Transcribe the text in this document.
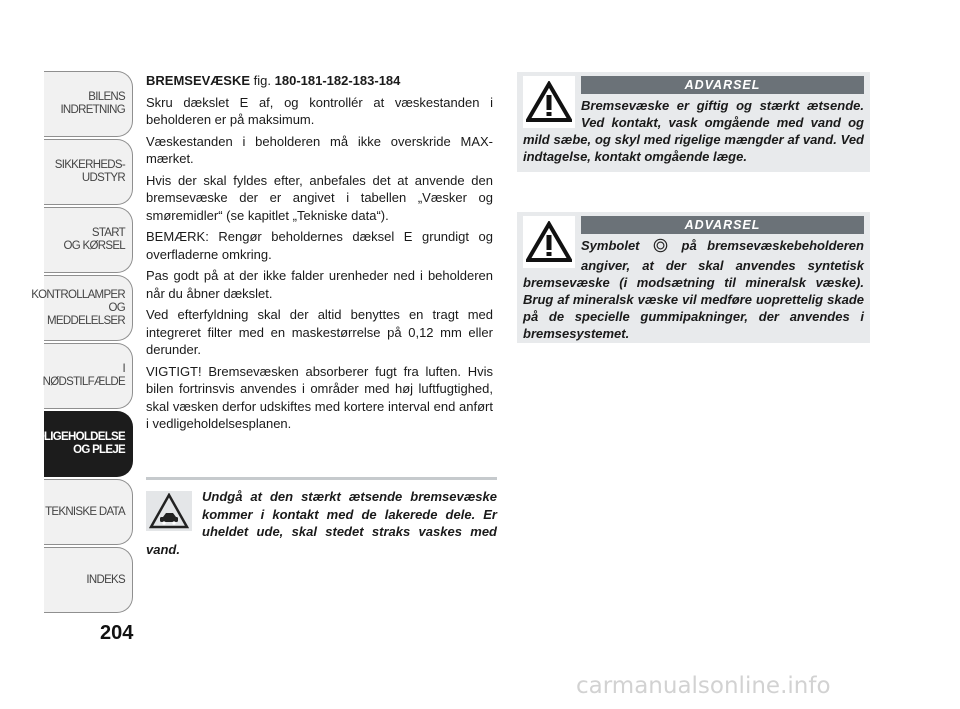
BILENS
INDRETNING
SIKKERHEDS-
UDSTYR
START
OG KØRSEL
KONTROLLAMPER
OG MEDDELELSER
I NØDSTILFÆLDE
VEDLIGEHOLDELSE
OG PLEJE
TEKNISKE DATA
INDEKS
204

BREMSEVÆSKE fig. 180-181-182-183-184

Skru dækslet E af, og kontrollér at væskestanden i beholderen er på maksimum.

Væskestanden i beholderen må ikke overskride MAX-mærket.

Hvis der skal fyldes efter, anbefales det at anvende den bremsevæske der er angivet i tabellen „Væsker og smøremidler“ (se kapitlet „Tekniske data“).

BEMÆRK: Rengør beholdernes dæksel E grundigt og overfladerne omkring.

Pas godt på at der ikke falder urenheder ned i beholderen når du åbner dækslet.

Ved efterfyldning skal der altid benyttes en tragt med integreret filter med en maskestørrelse på 0,12 mm eller derunder.

VIGTIGT! Bremsevæsken absorberer fugt fra luften. Hvis bilen fortrinsvis anvendes i områder med høj luftfugtighed, skal væsken derfor udskiftes med kortere interval end anført i vedligeholdelsesplanen.

Undgå at den stærkt ætsende bremsevæske kommer i kontakt med de lakerede dele. Er uheldet ude, skal stedet straks vaskes med vand.
ADVARSEL
Bremsevæske er giftig og stærkt ætsende. Ved kontakt, vask omgående med vand og mild sæbe, og skyl med rigelige mængder af vand. Ved indtagelse, kontakt omgående læge.
ADVARSEL
Symbolet	på bremsevæskebeholderen angiver, at der skal anvendes syntetisk bremsevæske (i modsætning til mineralsk væske). Brug af mineralsk væske vil medføre uoprettelig skade på de specielle gummipakninger, der anvendes i bremsesystemet.
carmanualsonline.info
